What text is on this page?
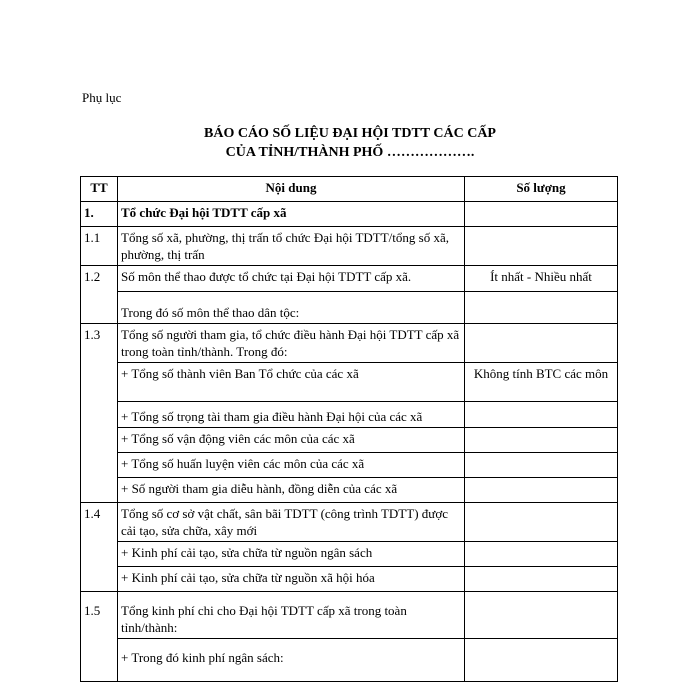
Phụ lục
BÁO CÁO SỐ LIỆU ĐẠI HỘI TDTT CÁC CẤP
CỦA TỈNH/THÀNH PHỐ ……………….
TT	Nội dung	Số lượng
1.	Tổ chức Đại hội TDTT cấp xã	
1.1	Tổng số xã, phường, thị trấn tổ chức Đại hội TDTT/tổng số xã, phường, thị trấn	
1.2	Số môn thể thao được tổ chức tại Đại hội TDTT cấp xã.	Ít nhất - Nhiều nhất
	Trong đó số môn thể thao dân tộc:	
1.3	Tổng số người tham gia, tổ chức điều hành Đại hội TDTT cấp xã trong toàn tỉnh/thành. Trong đó:	
	+ Tổng số thành viên Ban Tổ chức của các xã	Không tính BTC các môn
	+ Tổng số trọng tài tham gia điều hành Đại hội của các xã	
	+ Tổng số vận động viên các môn của các xã	
	+ Tổng số huấn luyện viên các môn của các xã	
	+ Số người tham gia diễu hành, đồng diễn của các xã	
1.4	Tổng số cơ sở vật chất, sân bãi TDTT (công trình TDTT) được cải tạo, sửa chữa, xây mới	
	+ Kinh phí cải tạo, sửa chữa từ nguồn ngân sách	
	+ Kinh phí cải tạo, sửa chữa từ nguồn xã hội hóa	
1.5	Tổng kinh phí chi cho Đại hội TDTT cấp xã trong toàn tỉnh/thành:	
	+ Trong đó kinh phí ngân sách:	
